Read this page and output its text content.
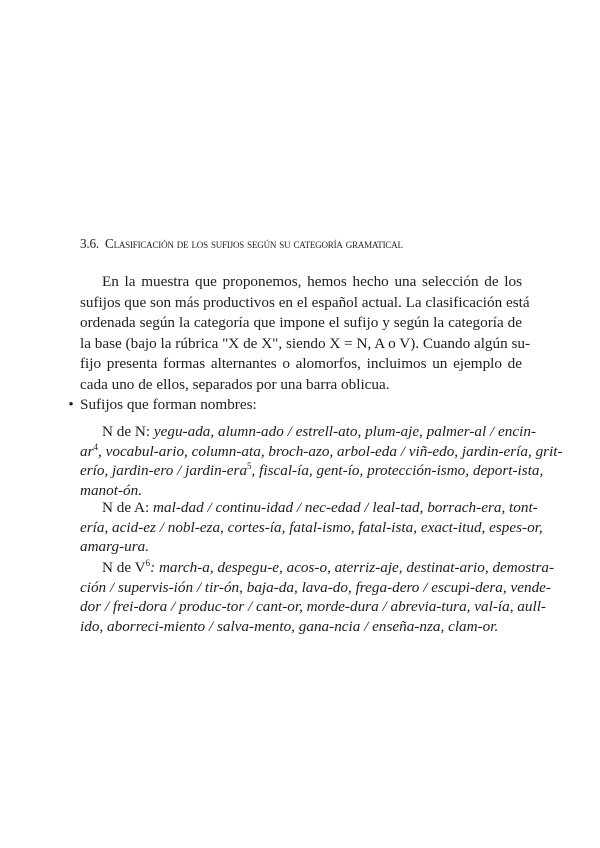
3.6. Clasificación de los sufijos según su categoría gramatical
En la muestra que proponemos, hemos hecho una selección de los
sufijos que son más productivos en el español actual. La clasificación está
ordenada según la categoría que impone el sufijo y según la categoría de
la base (bajo la rúbrica "X de X", siendo X = N, A o V). Cuando algún su-
fijo presenta formas alternantes o alomorfos, incluimos un ejemplo de
cada uno de ellos, separados por una barra oblicua.
• Sufijos que forman nombres:
N de N: yegu-ada, alumn-ado / estrell-ato, plum-aje, palmer-al / encin-
$ar^4$, vocabul-ario, column-ata, broch-azo, arbol-eda / viñ-edo, jardin-ería, grit-
erío, jardin-ero / jardin-era$^5$, fiscal-ía, gent-ío, protección-ismo, deport-ista,
manot-ón.
N de A: mal-dad / continu-idad / nec-edad / leal-tad, borrach-era, tont-
ería, acid-ez / nobl-eza, cortes-ía, fatal-ismo, fatal-ista, exact-itud, espes-or,
amarg-ura.
N de $V^6$: march-a, despegu-e, acos-o, aterriz-aje, destinat-ario, demostra-
ción / supervis-ión / tir-ón, baja-da, lava-do, frega-dero / escupi-dera, vende-
dor / frei-dora / produc-tor / cant-or, morde-dura / abrevia-tura, val-ía, aull-
ido, aborreci-miento / salva-mento, gana-ncia / enseña-nza, clam-or.
